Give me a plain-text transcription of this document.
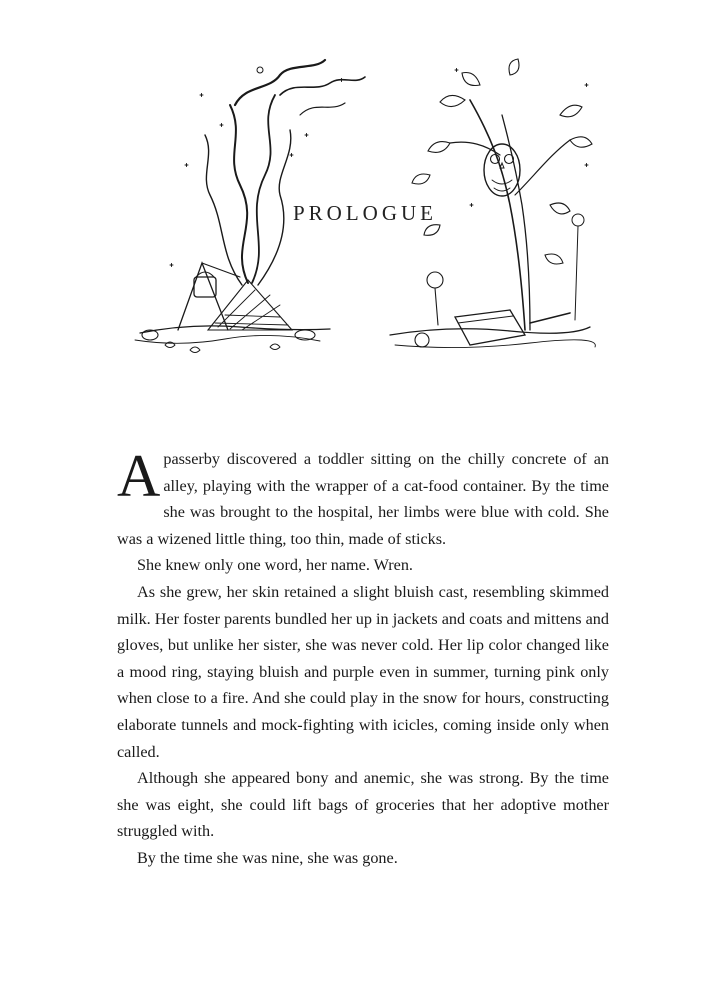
PROLOGUE

Apasserby discovered a toddler sitting on the chilly concrete of an alley, playing with the wrapper of a cat-food container. By the time she was brought to the hospital, her limbs were blue with cold. She was a wizened little thing, too thin, made of sticks.

She knew only one word, her name. Wren.

As she grew, her skin retained a slight bluish cast, resembling skimmed milk. Her foster parents bundled her up in jackets and coats and mittens and gloves, but unlike her sister, she was never cold. Her lip color changed like a mood ring, staying bluish and purple even in summer, turning pink only when close to a fire. And she could play in the snow for hours, constructing elaborate tunnels and mock-fighting with icicles, coming inside only when called.

Although she appeared bony and anemic, she was strong. By the time she was eight, she could lift bags of groceries that her adoptive mother struggled with.

By the time she was nine, she was gone.
